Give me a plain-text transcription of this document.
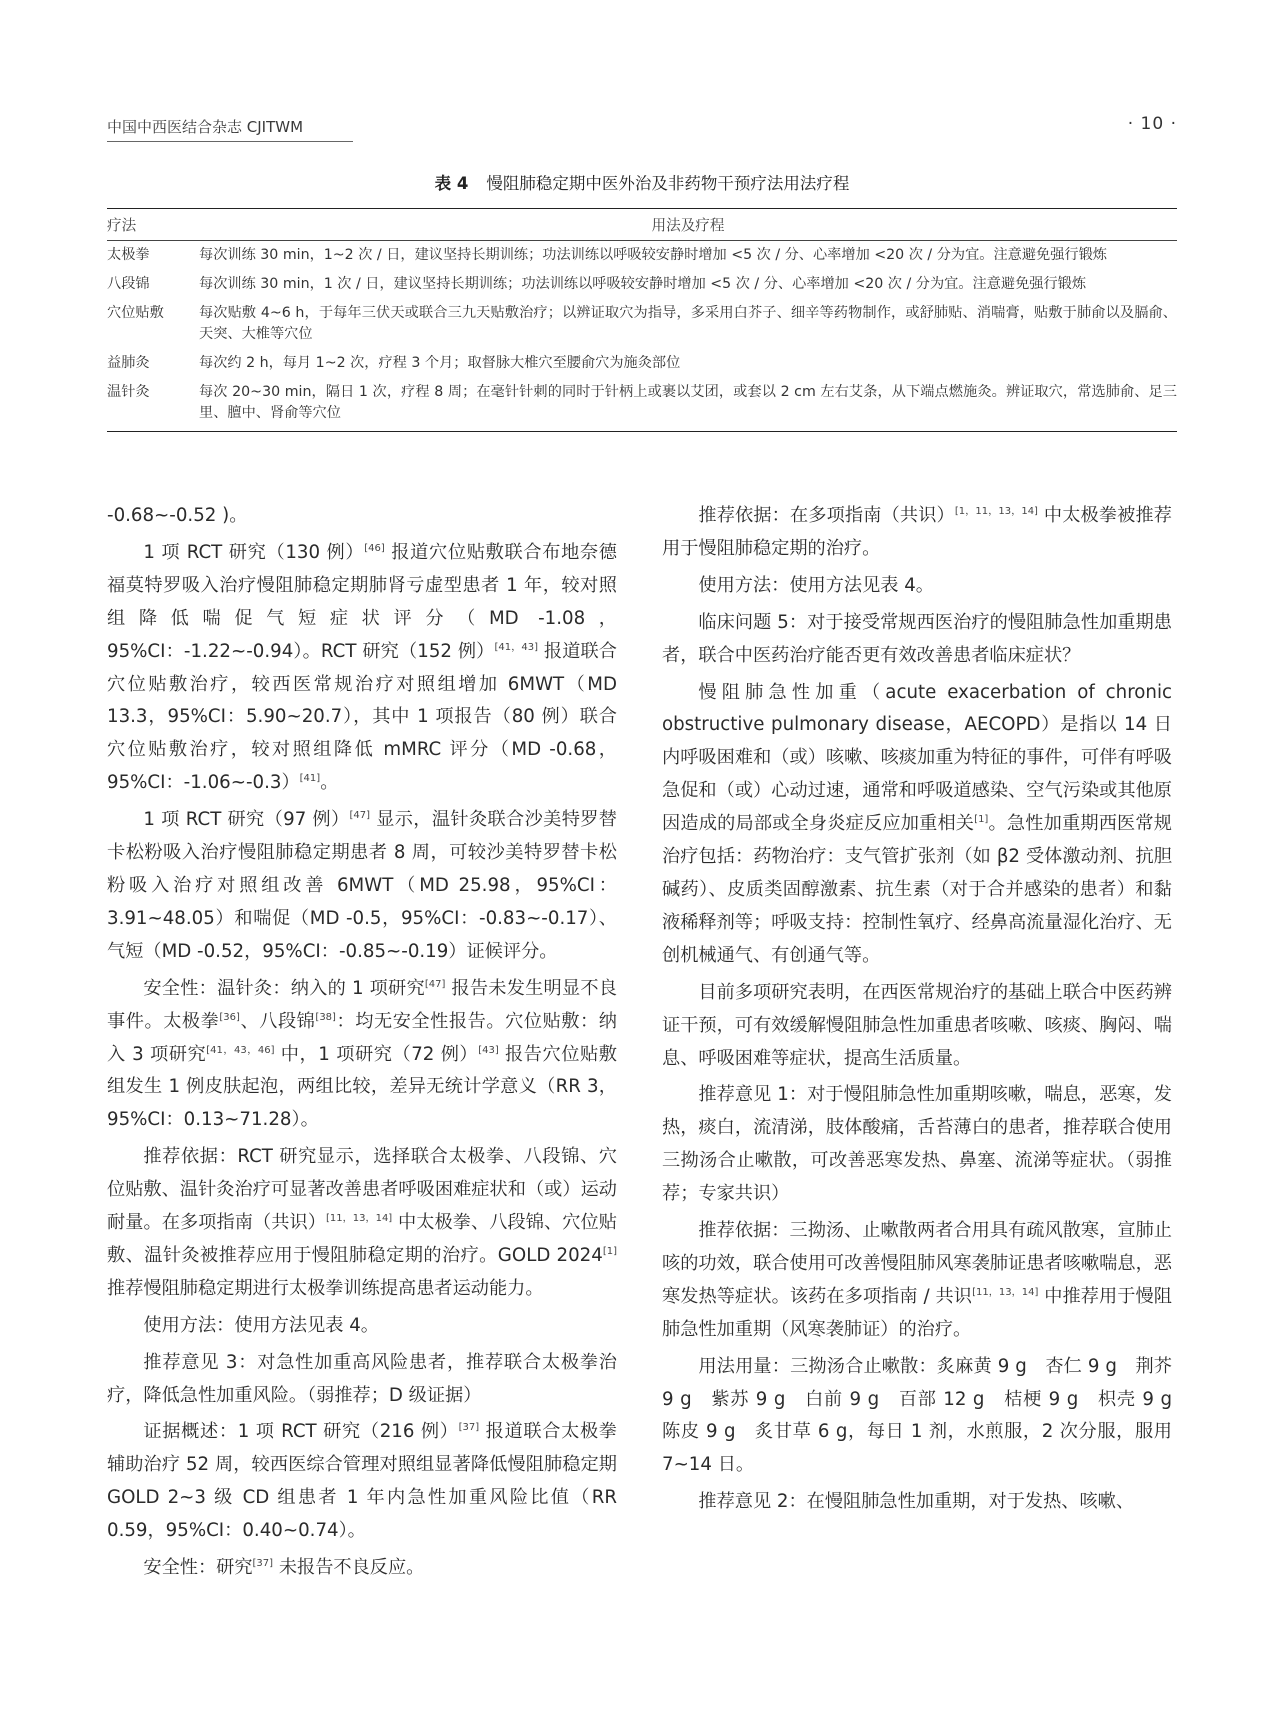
中国中西医结合杂志 CJITWM	· 10 ·
表 4 慢阻肺稳定期中医外治及非药物干预疗法用法疗程
疗法	用法及疗程
太极拳	每次训练 30 min，1~2 次 / 日，建议坚持长期训练；功法训练以呼吸较安静时增加 <5 次 / 分、心率增加 <20 次 / 分为宜。注意避免强行锻炼
八段锦	每次训练 30 min，1 次 / 日，建议坚持长期训练；功法训练以呼吸较安静时增加 <5 次 / 分、心率增加 <20 次 / 分为宜。注意避免强行锻炼
穴位贴敷	每次贴敷 4~6 h，于每年三伏天或联合三九天贴敷治疗；以辨证取穴为指导，多采用白芥子、细辛等药物制作，或舒肺贴、消喘膏，贴敷于肺俞以及膈俞、天突、大椎等穴位
益肺灸	每次约 2 h，每月 1~2 次，疗程 3 个月；取督脉大椎穴至腰俞穴为施灸部位
温针灸	每次 20~30 min，隔日 1 次，疗程 8 周；在毫针针刺的同时于针柄上或裹以艾团，或套以 2 cm 左右艾条，从下端点燃施灸。辨证取穴，常选肺俞、足三里、膻中、肾俞等穴位

-0.68~-0.52 )。

1 项 RCT 研究（130 例）[46] 报道穴位贴敷联合布地奈德福莫特罗吸入治疗慢阻肺稳定期肺肾亏虚型患者 1 年，较对照组降低喘促气短症状评分（MD -1.08，95%CI：-1.22~-0.94）。RCT 研究（152 例）[41，43] 报道联合穴位贴敷治疗，较西医常规治疗对照组增加 6MWT（MD 13.3，95%CI：5.90~20.7），其中 1 项报告（80 例）联合穴位贴敷治疗，较对照组降低 mMRC 评分（MD -0.68，95%CI：-1.06~-0.3）[41]。

1 项 RCT 研究（97 例）[47] 显示，温针灸联合沙美特罗替卡松粉吸入治疗慢阻肺稳定期患者 8 周，可较沙美特罗替卡松粉吸入治疗对照组改善 6MWT（MD 25.98，95%CI：3.91~48.05）和喘促（MD -0.5，95%CI：-0.83~-0.17）、气短（MD -0.52，95%CI：-0.85~-0.19）证候评分。

安全性：温针灸：纳入的 1 项研究[47] 报告未发生明显不良事件。太极拳[36]、八段锦[38]：均无安全性报告。穴位贴敷：纳入 3 项研究[41，43，46] 中，1 项研究（72 例）[43] 报告穴位贴敷组发生 1 例皮肤起泡，两组比较，差异无统计学意义（RR 3，95%CI：0.13~71.28）。

推荐依据：RCT 研究显示，选择联合太极拳、八段锦、穴位贴敷、温针灸治疗可显著改善患者呼吸困难症状和（或）运动耐量。在多项指南（共识）[11，13，14] 中太极拳、八段锦、穴位贴敷、温针灸被推荐应用于慢阻肺稳定期的治疗。GOLD 2024[1] 推荐慢阻肺稳定期进行太极拳训练提高患者运动能力。

使用方法：使用方法见表 4。

推荐意见 3：对急性加重高风险患者，推荐联合太极拳治疗，降低急性加重风险。（弱推荐；D 级证据）

证据概述：1 项 RCT 研究（216 例）[37] 报道联合太极拳辅助治疗 52 周，较西医综合管理对照组显著降低慢阻肺稳定期 GOLD 2~3 级 CD 组患者 1 年内急性加重风险比值（RR 0.59，95%CI：0.40~0.74）。

安全性：研究[37] 未报告不良反应。

推荐依据：在多项指南（共识）[1，11，13，14] 中太极拳被推荐用于慢阻肺稳定期的治疗。

使用方法：使用方法见表 4。

临床问题 5：对于接受常规西医治疗的慢阻肺急性加重期患者，联合中医药治疗能否更有效改善患者临床症状？

慢阻肺急性加重（acute exacerbation of chronic obstructive pulmonary disease，AECOPD）是指以 14 日内呼吸困难和（或）咳嗽、咳痰加重为特征的事件，可伴有呼吸急促和（或）心动过速，通常和呼吸道感染、空气污染或其他原因造成的局部或全身炎症反应加重相关[1]。急性加重期西医常规治疗包括：药物治疗：支气管扩张剂（如 β2 受体激动剂、抗胆碱药）、皮质类固醇激素、抗生素（对于合并感染的患者）和黏液稀释剂等；呼吸支持：控制性氧疗、经鼻高流量湿化治疗、无创机械通气、有创通气等。

目前多项研究表明，在西医常规治疗的基础上联合中医药辨证干预，可有效缓解慢阻肺急性加重患者咳嗽、咳痰、胸闷、喘息、呼吸困难等症状，提高生活质量。

推荐意见 1：对于慢阻肺急性加重期咳嗽，喘息，恶寒，发热，痰白，流清涕，肢体酸痛，舌苔薄白的患者，推荐联合使用三拗汤合止嗽散，可改善恶寒发热、鼻塞、流涕等症状。（弱推荐；专家共识）

推荐依据：三拗汤、止嗽散两者合用具有疏风散寒，宣肺止咳的功效，联合使用可改善慢阻肺风寒袭肺证患者咳嗽喘息，恶寒发热等症状。该药在多项指南 / 共识[11，13，14] 中推荐用于慢阻肺急性加重期（风寒袭肺证）的治疗。

用法用量：三拗汤合止嗽散：炙麻黄 9 g　杏仁 9 g　荆芥 9 g　紫苏 9 g　白前 9 g　百部 12 g　桔梗 9 g　枳壳 9 g　陈皮 9 g　炙甘草 6 g，每日 1 剂，水煎服，2 次分服，服用 7~14 日。

推荐意见 2：在慢阻肺急性加重期，对于发热、咳嗽、
